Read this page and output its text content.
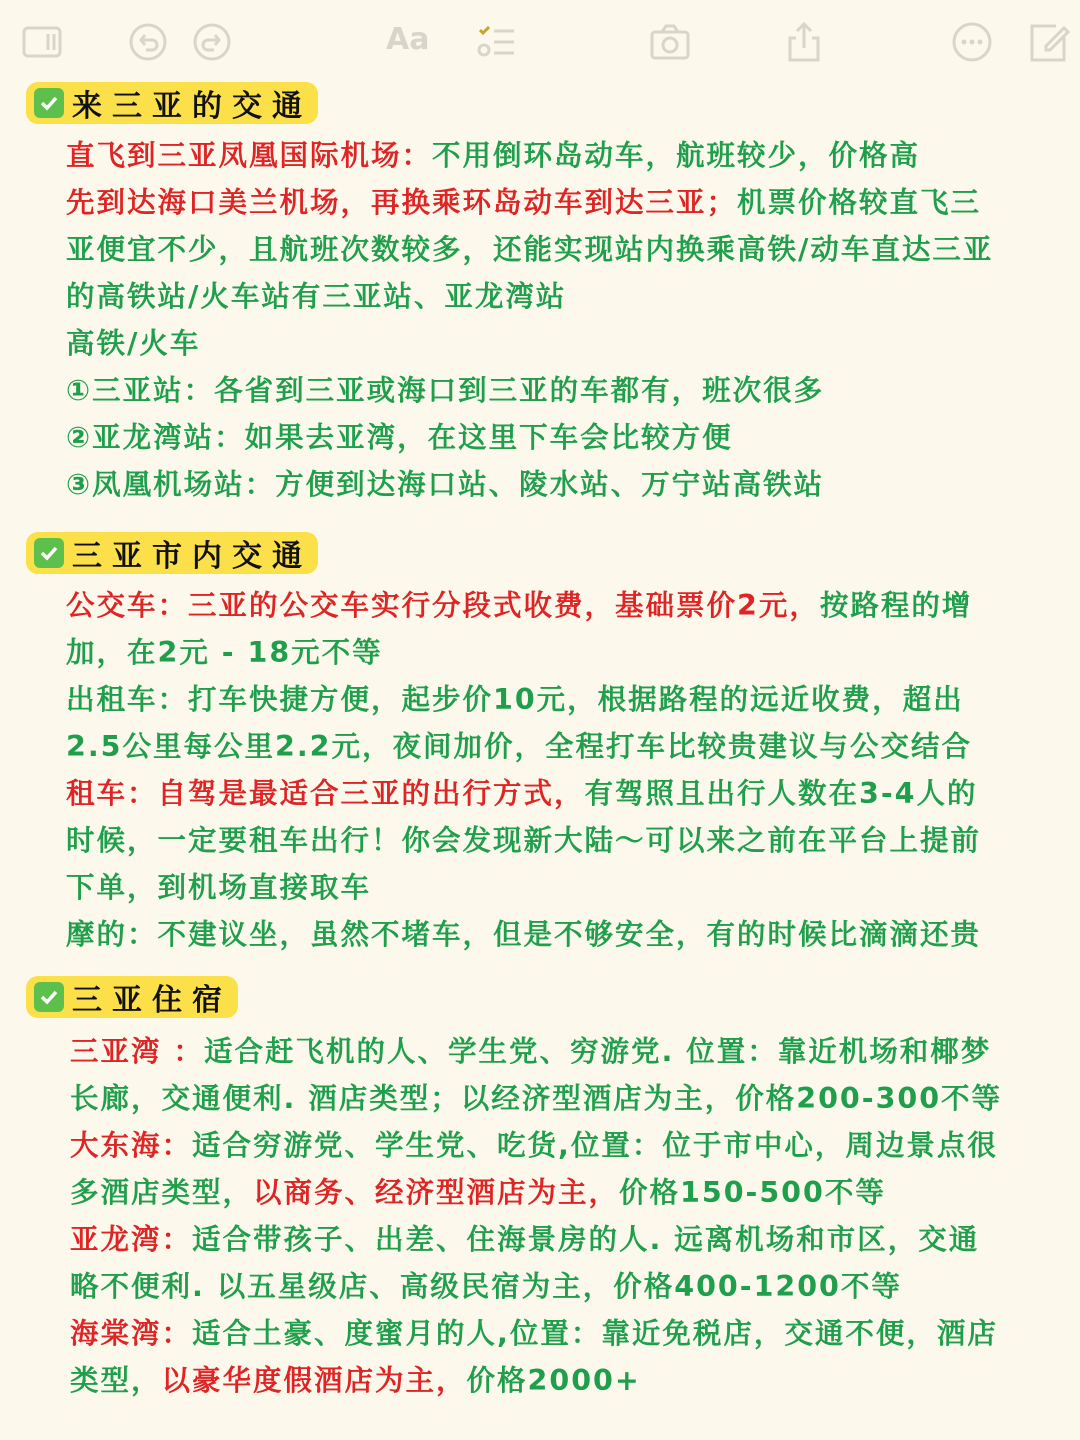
Aa
来三亚的交通
直飞到三亚凤凰国际机场：不用倒环岛动车，航班较少，价格高
先到达海口美兰机场，再换乘环岛动车到达三亚；机票价格较直飞三
亚便宜不少，且航班次数较多，还能实现站内换乘高铁/动车直达三亚
的高铁站/火车站有三亚站、亚龙湾站
高铁/火车
①三亚站：各省到三亚或海口到三亚的车都有，班次很多
②亚龙湾站：如果去亚湾，在这里下车会比较方便
③凤凰机场站：方便到达海口站、陵水站、万宁站高铁站
三亚市内交通
公交车：三亚的公交车实行分段式收费，基础票价2元，按路程的增
加，在2元 - 18元不等
出租车：打车快捷方便，起步价10元，根据路程的远近收费，超出
2.5公里每公里2.2元，夜间加价，全程打车比较贵建议与公交结合
租车：自驾是最适合三亚的出行方式，有驾照且出行人数在3-4人的
时候，一定要租车出行！你会发现新大陆～可以来之前在平台上提前
下单，到机场直接取车
摩的：不建议坐，虽然不堵车，但是不够安全，有的时候比滴滴还贵
三亚住宿
三亚湾 ：适合赶飞机的人、学生党、穷游党. 位置：靠近机场和椰梦
长廊，交通便利. 酒店类型；以经济型酒店为主，价格200-300不等
大东海：适合穷游党、学生党、吃货,位置：位于市中心，周边景点很
多酒店类型，以商务、经济型酒店为主，价格150-500不等
亚龙湾：适合带孩子、出差、住海景房的人. 远离机场和市区，交通
略不便利. 以五星级店、高级民宿为主，价格400-1200不等
海棠湾：适合土豪、度蜜月的人,位置：靠近免税店，交通不便，酒店
类型，以豪华度假酒店为主，价格2000+
